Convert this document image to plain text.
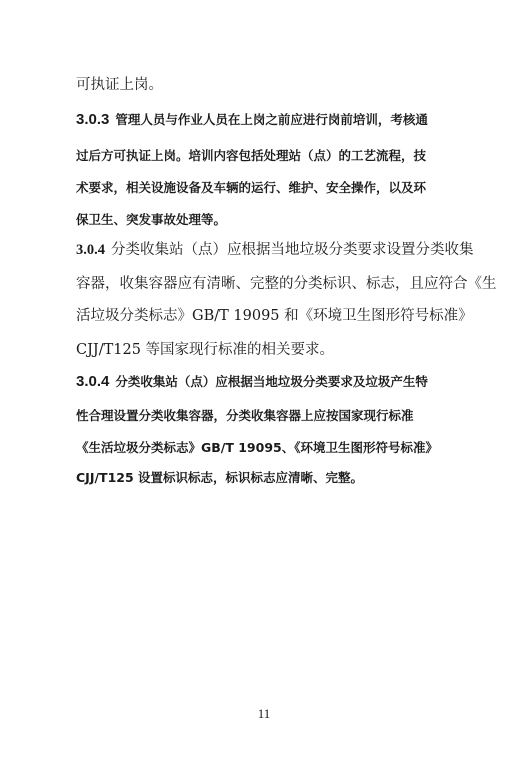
可执证上岗。

3.0.3 管理人员与作业人员在上岗之前应进行岗前培训，考核通

过后方可执证上岗。培训内容包括处理站（点）的工艺流程，技

术要求，相关设施设备及车辆的运行、维护、安全操作，以及环

保卫生、突发事故处理等。

3.0.4 分类收集站（点）应根据当地垃圾分类要求设置分类收集

容器，收集容器应有清晰、完整的分类标识、标志，且应符合《生

活垃圾分类标志》GB/T 19095 和《环境卫生图形符号标准》

CJJ/T125 等国家现行标准的相关要求。

3.0.4 分类收集站（点）应根据当地垃圾分类要求及垃圾产生特

性合理设置分类收集容器，分类收集容器上应按国家现行标准

《生活垃圾分类标志》GB/T 19095、《环境卫生图形符号标准》

CJJ/T125 设置标识标志，标识标志应清晰、完整。

11
